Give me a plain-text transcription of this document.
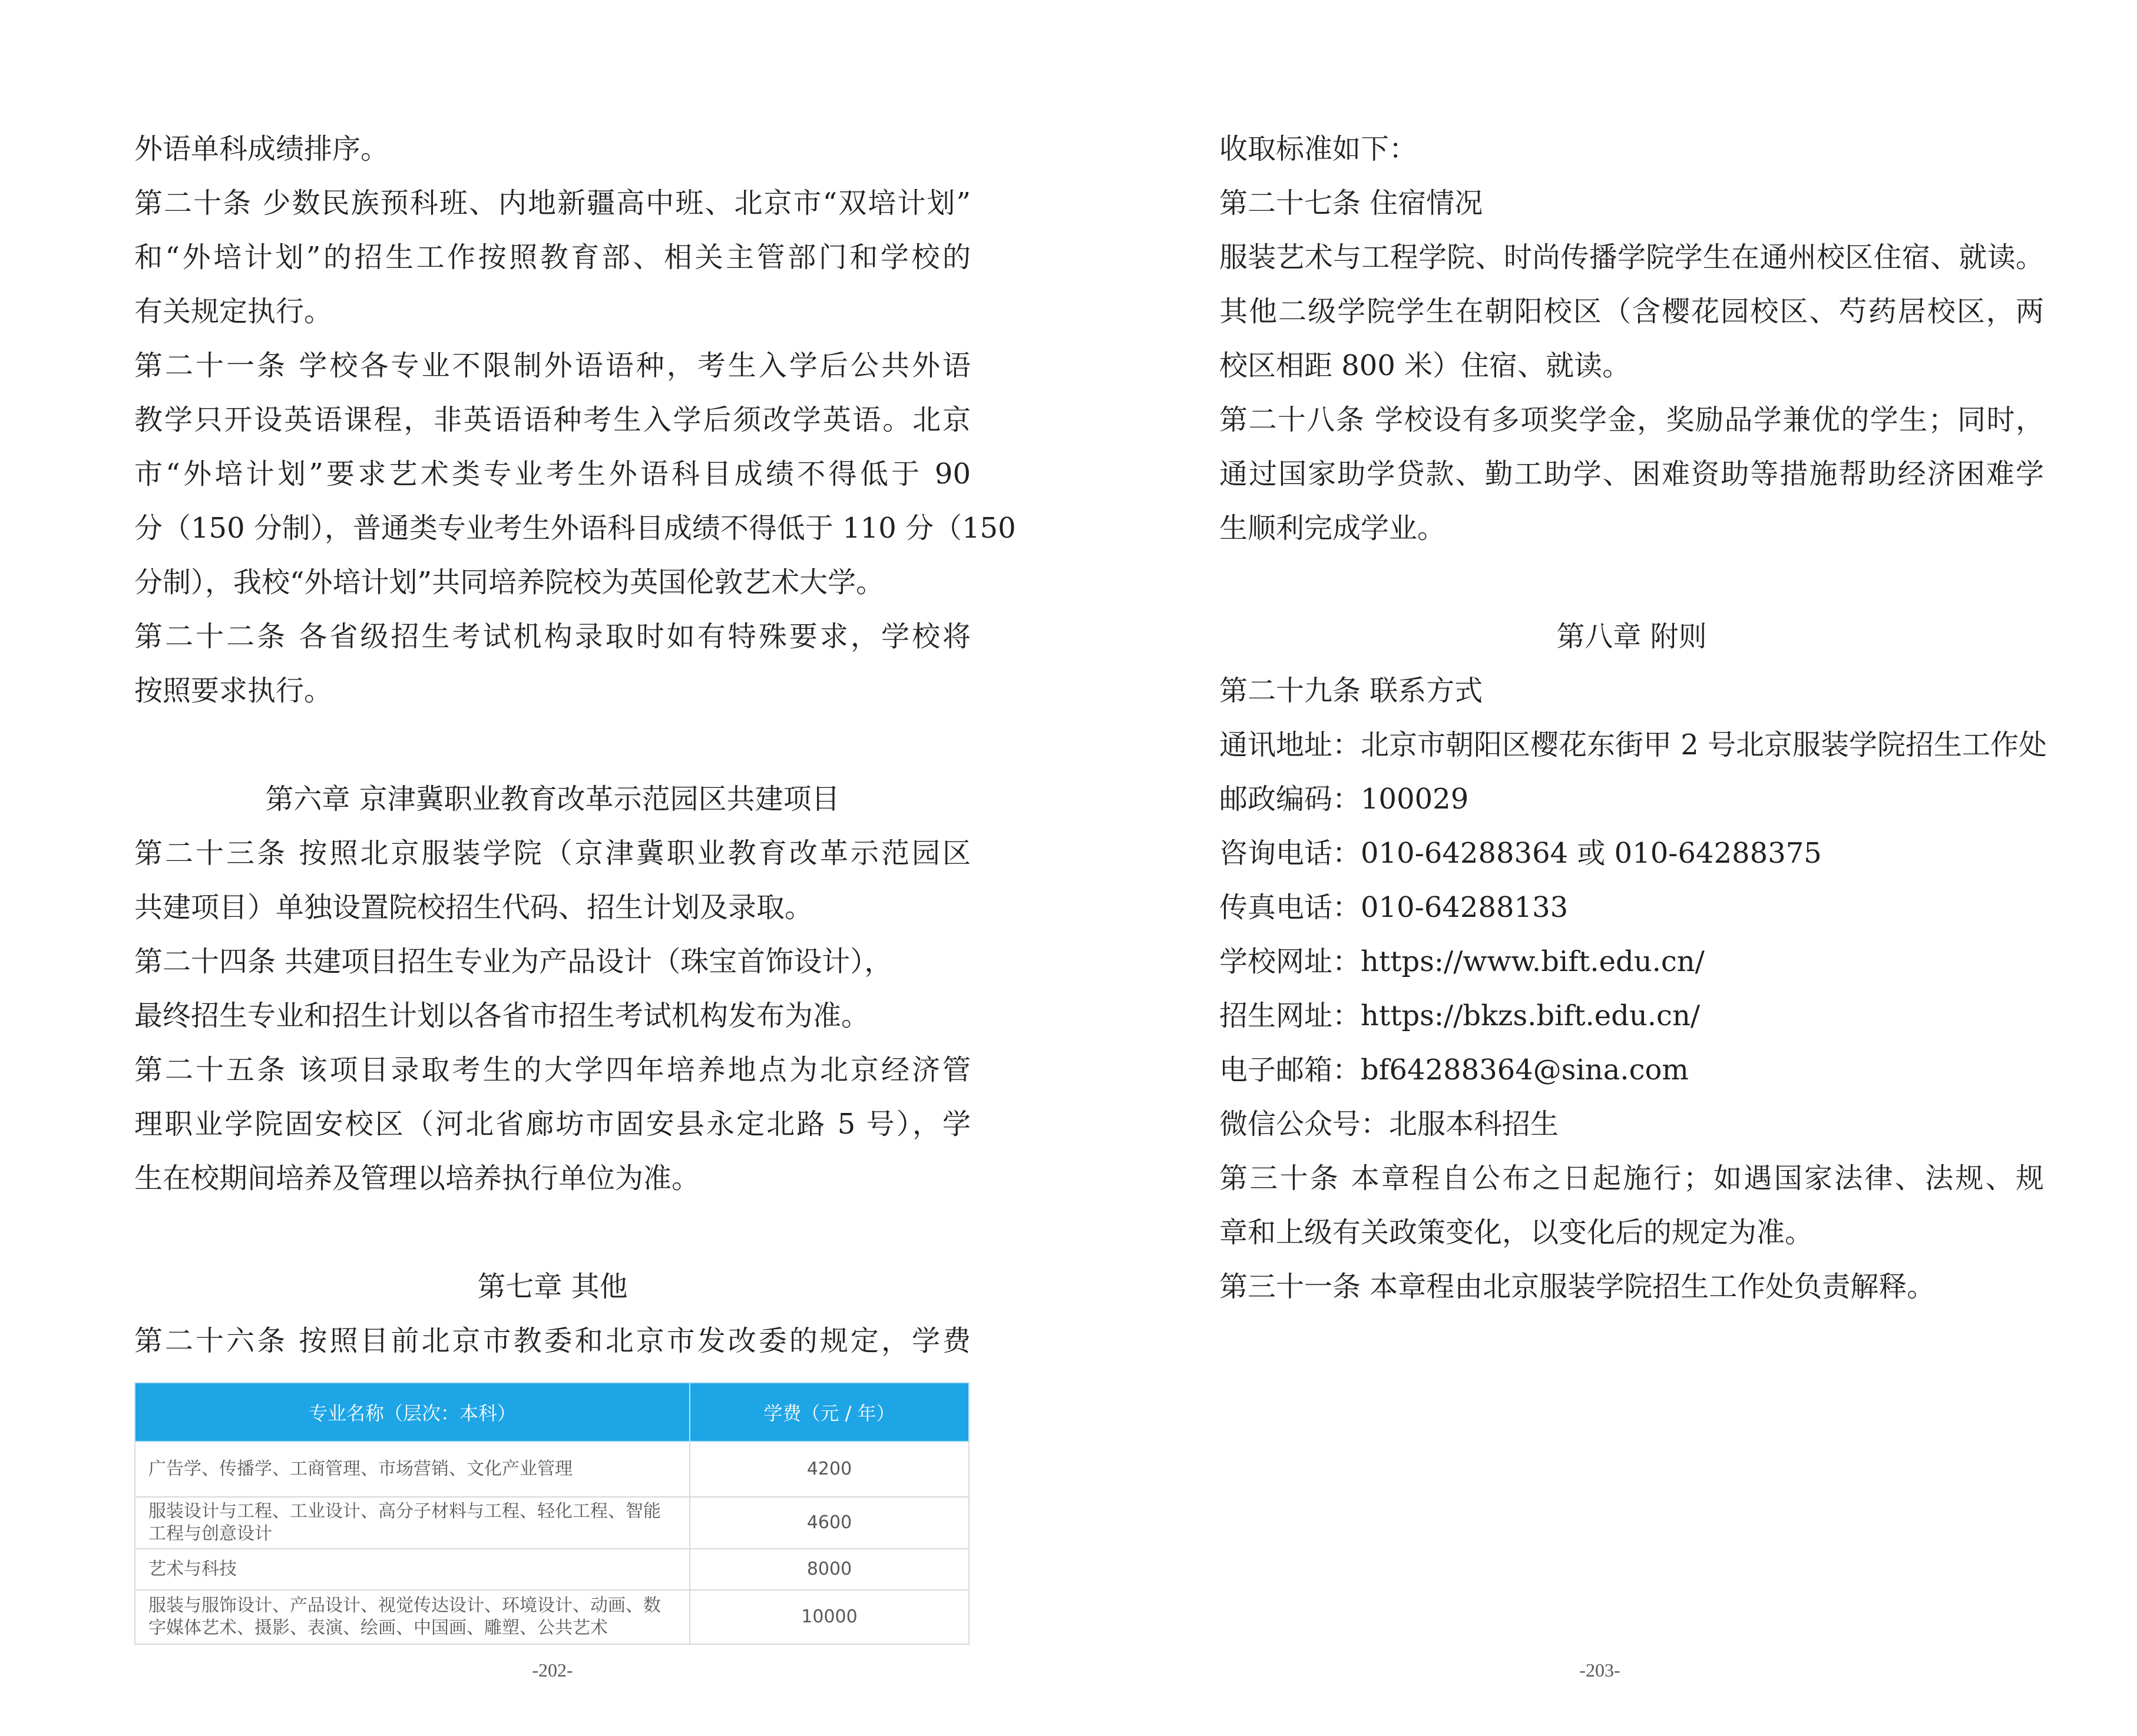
外语单科成绩排序。
第二十条 少数民族预科班、内地新疆高中班、北京市“双培计划”
和“外培计划”的招生工作按照教育部、相关主管部门和学校的
有关规定执行。
第二十一条 学校各专业不限制外语语种，考生入学后公共外语
教学只开设英语课程，非英语语种考生入学后须改学英语。北京
市“外培计划”要求艺术类专业考生外语科目成绩不得低于 90
分（150 分制），普通类专业考生外语科目成绩不得低于 110 分（150
分制），我校“外培计划”共同培养院校为英国伦敦艺术大学。
第二十二条 各省级招生考试机构录取时如有特殊要求，学校将
按照要求执行。
第六章 京津冀职业教育改革示范园区共建项目
第二十三条 按照北京服装学院（京津冀职业教育改革示范园区
共建项目）单独设置院校招生代码、招生计划及录取。
第二十四条 共建项目招生专业为产品设计（珠宝首饰设计），
最终招生专业和招生计划以各省市招生考试机构发布为准。
第二十五条 该项目录取考生的大学四年培养地点为北京经济管
理职业学院固安校区（河北省廊坊市固安县永定北路 5 号），学
生在校期间培养及管理以培养执行单位为准。
第七章 其他
第二十六条 按照目前北京市教委和北京市发改委的规定，学费
专业名称（层次：本科）	学费（元 / 年）
广告学、传播学、工商管理、市场营销、文化产业管理	4200
服装设计与工程、工业设计、高分子材料与工程、轻化工程、智能工程与创意设计	4600
艺术与科技	8000
服装与服饰设计、产品设计、视觉传达设计、环境设计、动画、数字媒体艺术、摄影、表演、绘画、中国画、雕塑、公共艺术	10000
-202-
收取标准如下：
第二十七条 住宿情况
服装艺术与工程学院、时尚传播学院学生在通州校区住宿、就读。
其他二级学院学生在朝阳校区（含樱花园校区、芍药居校区，两
校区相距 800 米）住宿、就读。
第二十八条 学校设有多项奖学金，奖励品学兼优的学生；同时，
通过国家助学贷款、勤工助学、困难资助等措施帮助经济困难学
生顺利完成学业。
第八章 附则
第二十九条 联系方式
通讯地址：北京市朝阳区樱花东街甲 2 号北京服装学院招生工作处
邮政编码：100029
咨询电话：010-64288364 或 010-64288375
传真电话：010-64288133
学校网址：https://www.bift.edu.cn/
招生网址：https://bkzs.bift.edu.cn/
电子邮箱：bf64288364@sina.com
微信公众号：北服本科招生
第三十条 本章程自公布之日起施行；如遇国家法律、法规、规
章和上级有关政策变化，以变化后的规定为准。
第三十一条 本章程由北京服装学院招生工作处负责解释。
-203-
